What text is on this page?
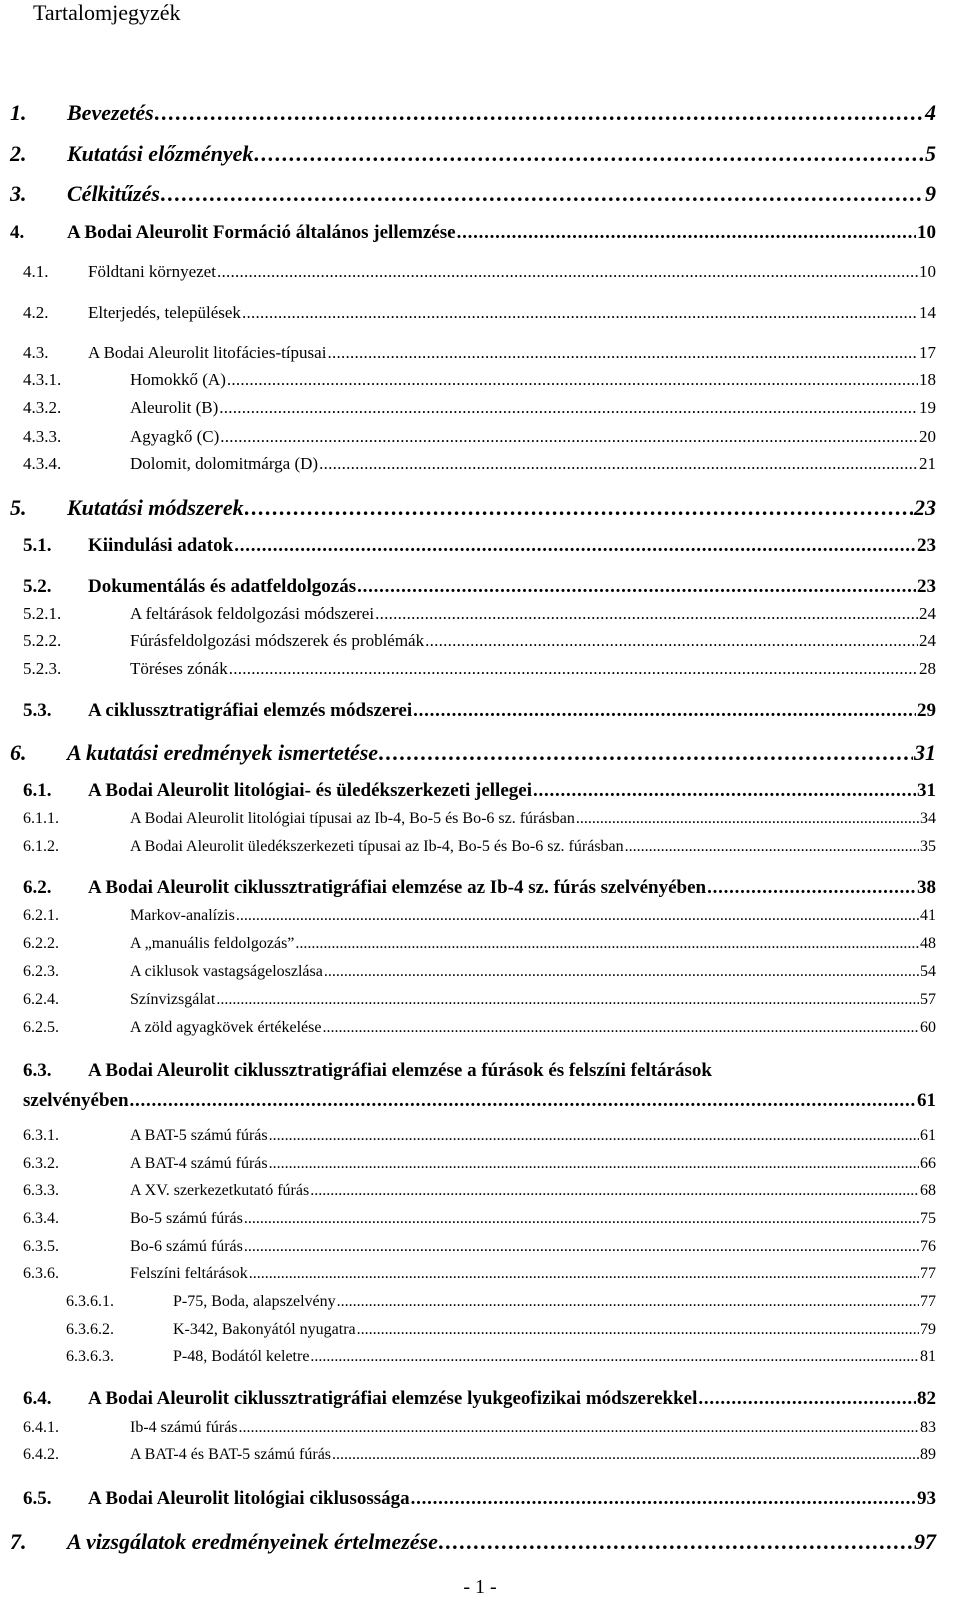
Tartalomjegyzék
1.	Bevezetés . . .	4
2.	Kutatási előzmények . . .	5
3.	Célkitűzés . . .	9
4.	A Bodai Aleurolit Formáció általános jellemzése . . .	10
4.1.	Földtani környezet . . .	10
4.2.	Elterjedés, települések . . .	14
4.3.	A Bodai Aleurolit litofácies-típusai . . .	17
4.3.1.	Homokkő (A) . . .	18
4.3.2.	Aleurolit (B) . . .	19
4.3.3.	Agyagkő (C) . . .	20
4.3.4.	Dolomit, dolomitmárga (D) . . .	21
5.	Kutatási módszerek . . .	23
5.1.	Kiindulási adatok . . .	23
5.2.	Dokumentálás és adatfeldolgozás . . .	23
5.2.1.	A feltárások feldolgozási módszerei . . .	24
5.2.2.	Fúrásfeldolgozási módszerek és problémák . . .	24
5.2.3.	Töréses zónák . . .	28
5.3.	A ciklussztratigráfiai elemzés módszerei . . .	29
6.	A kutatási eredmények ismertetése . . .	31
6.1.	A Bodai Aleurolit litológiai- és üledékszerkezeti jellegei . . .	31
6.1.1.	A Bodai Aleurolit litológiai típusai az Ib-4, Bo-5 és Bo-6 sz. fúrásban . . .	34
6.1.2.	A Bodai Aleurolit üledékszerkezeti típusai az Ib-4, Bo-5 és Bo-6 sz. fúrásban . . .	35
6.2.	A Bodai Aleurolit ciklussztratigráfiai elemzése az Ib-4 sz. fúrás szelvényében . . .	38
6.2.1.	Markov-analízis . . .	41
6.2.2.	A „manuális feldolgozás” . . .	48
6.2.3.	A ciklusok vastagságeloszlása . . .	54
6.2.4.	Színvizsgálat . . .	57
6.2.5.	A zöld agyagkövek értékelése . . .	60
6.3. A Bodai Aleurolit ciklussztratigráfiai elemzése a fúrások és felszíni feltárások
szelvényében . . .	61
6.3.1.	A BAT-5 számú fúrás . . .	61
6.3.2.	A BAT-4 számú fúrás . . .	66
6.3.3.	A XV. szerkezetkutató fúrás . . .	68
6.3.4.	Bo-5 számú fúrás . . .	75
6.3.5.	Bo-6 számú fúrás . . .	76
6.3.6.	Felszíni feltárások . . .	77
6.3.6.1.	P-75, Boda, alapszelvény . . .	77
6.3.6.2.	K-342, Bakonyától nyugatra . . .	79
6.3.6.3.	P-48, Bodától keletre . . .	81
6.4.	A Bodai Aleurolit ciklussztratigráfiai elemzése lyukgeofizikai módszerekkel . . .	82
6.4.1.	Ib-4 számú fúrás . . .	83
6.4.2.	A BAT-4 és BAT-5 számú fúrás . . .	89
6.5.	A Bodai Aleurolit litológiai ciklusossága . . .	93
7.	A vizsgálatok eredményeinek értelmezése . . .	97
- 1 -
